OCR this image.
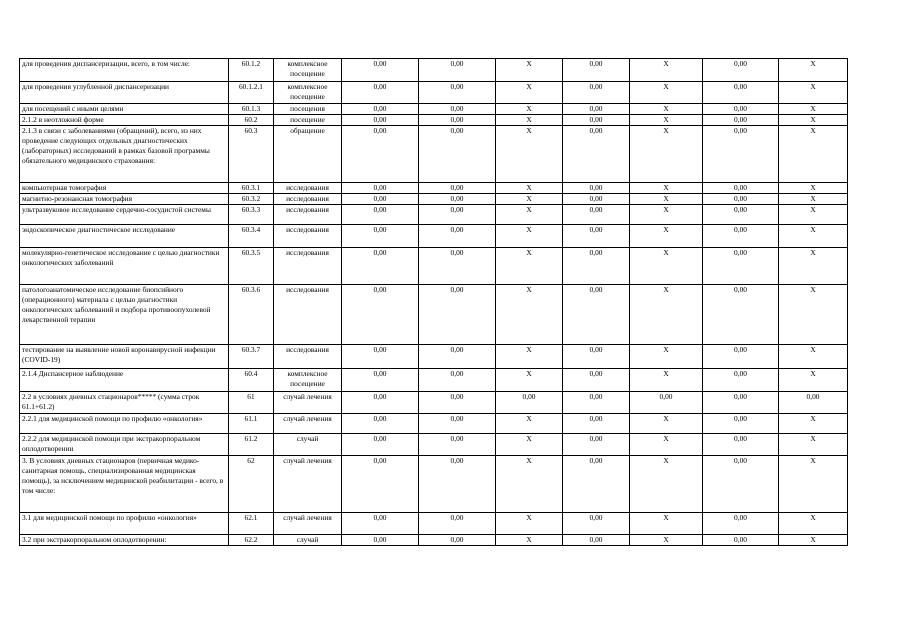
для проведения диспансеризации, всего, в том числе:	60.1.2	комплексное посещение	0,00	0,00	X	0,00	X	0,00	X
для проведения углубленной диспансеризации	60.1.2.1	комплексное посещение	0,00	0,00	X	0,00	X	0,00	X
для посещений с иными целями	60.1.3	посещения	0,00	0,00	X	0,00	X	0,00	X
2.1.2 в неотложной форме	60.2	посещение	0,00	0,00	X	0,00	X	0,00	X
2.1.3 в связи с заболеваниями (обращений), всего, из них проведение следующих отдельных диагностических (лабораторных) исследований в рамках базовой программы обязательного медицинского страхования:	60.3	обращение	0,00	0,00	X	0,00	X	0,00	X
компьютерная томография	60.3.1	исследования	0,00	0,00	X	0,00	X	0,00	X
магнитно-резонансная томография	60.3.2	исследования	0,00	0,00	X	0,00	X	0,00	X
ультразвуковое исследование сердечно-сосудистой системы	60.3.3	исследования	0,00	0,00	X	0,00	X	0,00	X
эндоскопическое диагностическое исследование	60.3.4	исследования	0,00	0,00	X	0,00	X	0,00	X
молекулярно-генетическое исследование с целью диагностики онкологических заболеваний	60.3.5	исследования	0,00	0,00	X	0,00	X	0,00	X
патологоанатомическое исследование биопсийного (операционного) материала с целью диагностики онкологических заболеваний и подбора противоопухолевой лекарственной терапии	60.3.6	исследования	0,00	0,00	X	0,00	X	0,00	X
тестирование на выявление новой коронавирусной инфекции (COVID-19)	60.3.7	исследования	0,00	0,00	X	0,00	X	0,00	X
2.1.4 Диспансерное наблюдение	60.4	комплексное посещение	0,00	0,00	X	0,00	X	0,00	X
2.2 в условиях дневных стационаров***** (сумма строк 61.1+61.2)	61	случай лечения	0,00	0,00	0,00	0,00	0,00	0,00	0,00
2.2.1 для медицинской помощи по профилю «онкология»	61.1	случай лечения	0,00	0,00	X	0,00	X	0,00	X
2.2.2 для медицинской помощи при экстракорпоральном оплодотворении	61.2	случай	0,00	0,00	X	0,00	X	0,00	X
3. В условиях дневных стационаров (первичная медико-санитарная помощь, специализированная медицинская помощь), за исключением медицинской реабилитации - всего, в том числе:	62	случай лечения	0,00	0,00	X	0,00	X	0,00	X
3.1 для медицинской помощи по профилю «онкология»	62.1	случай лечения	0,00	0,00	X	0,00	X	0,00	X
3.2 при экстракорпоральном оплодотворении:	62.2	случай	0,00	0,00	X	0,00	X	0,00	X
